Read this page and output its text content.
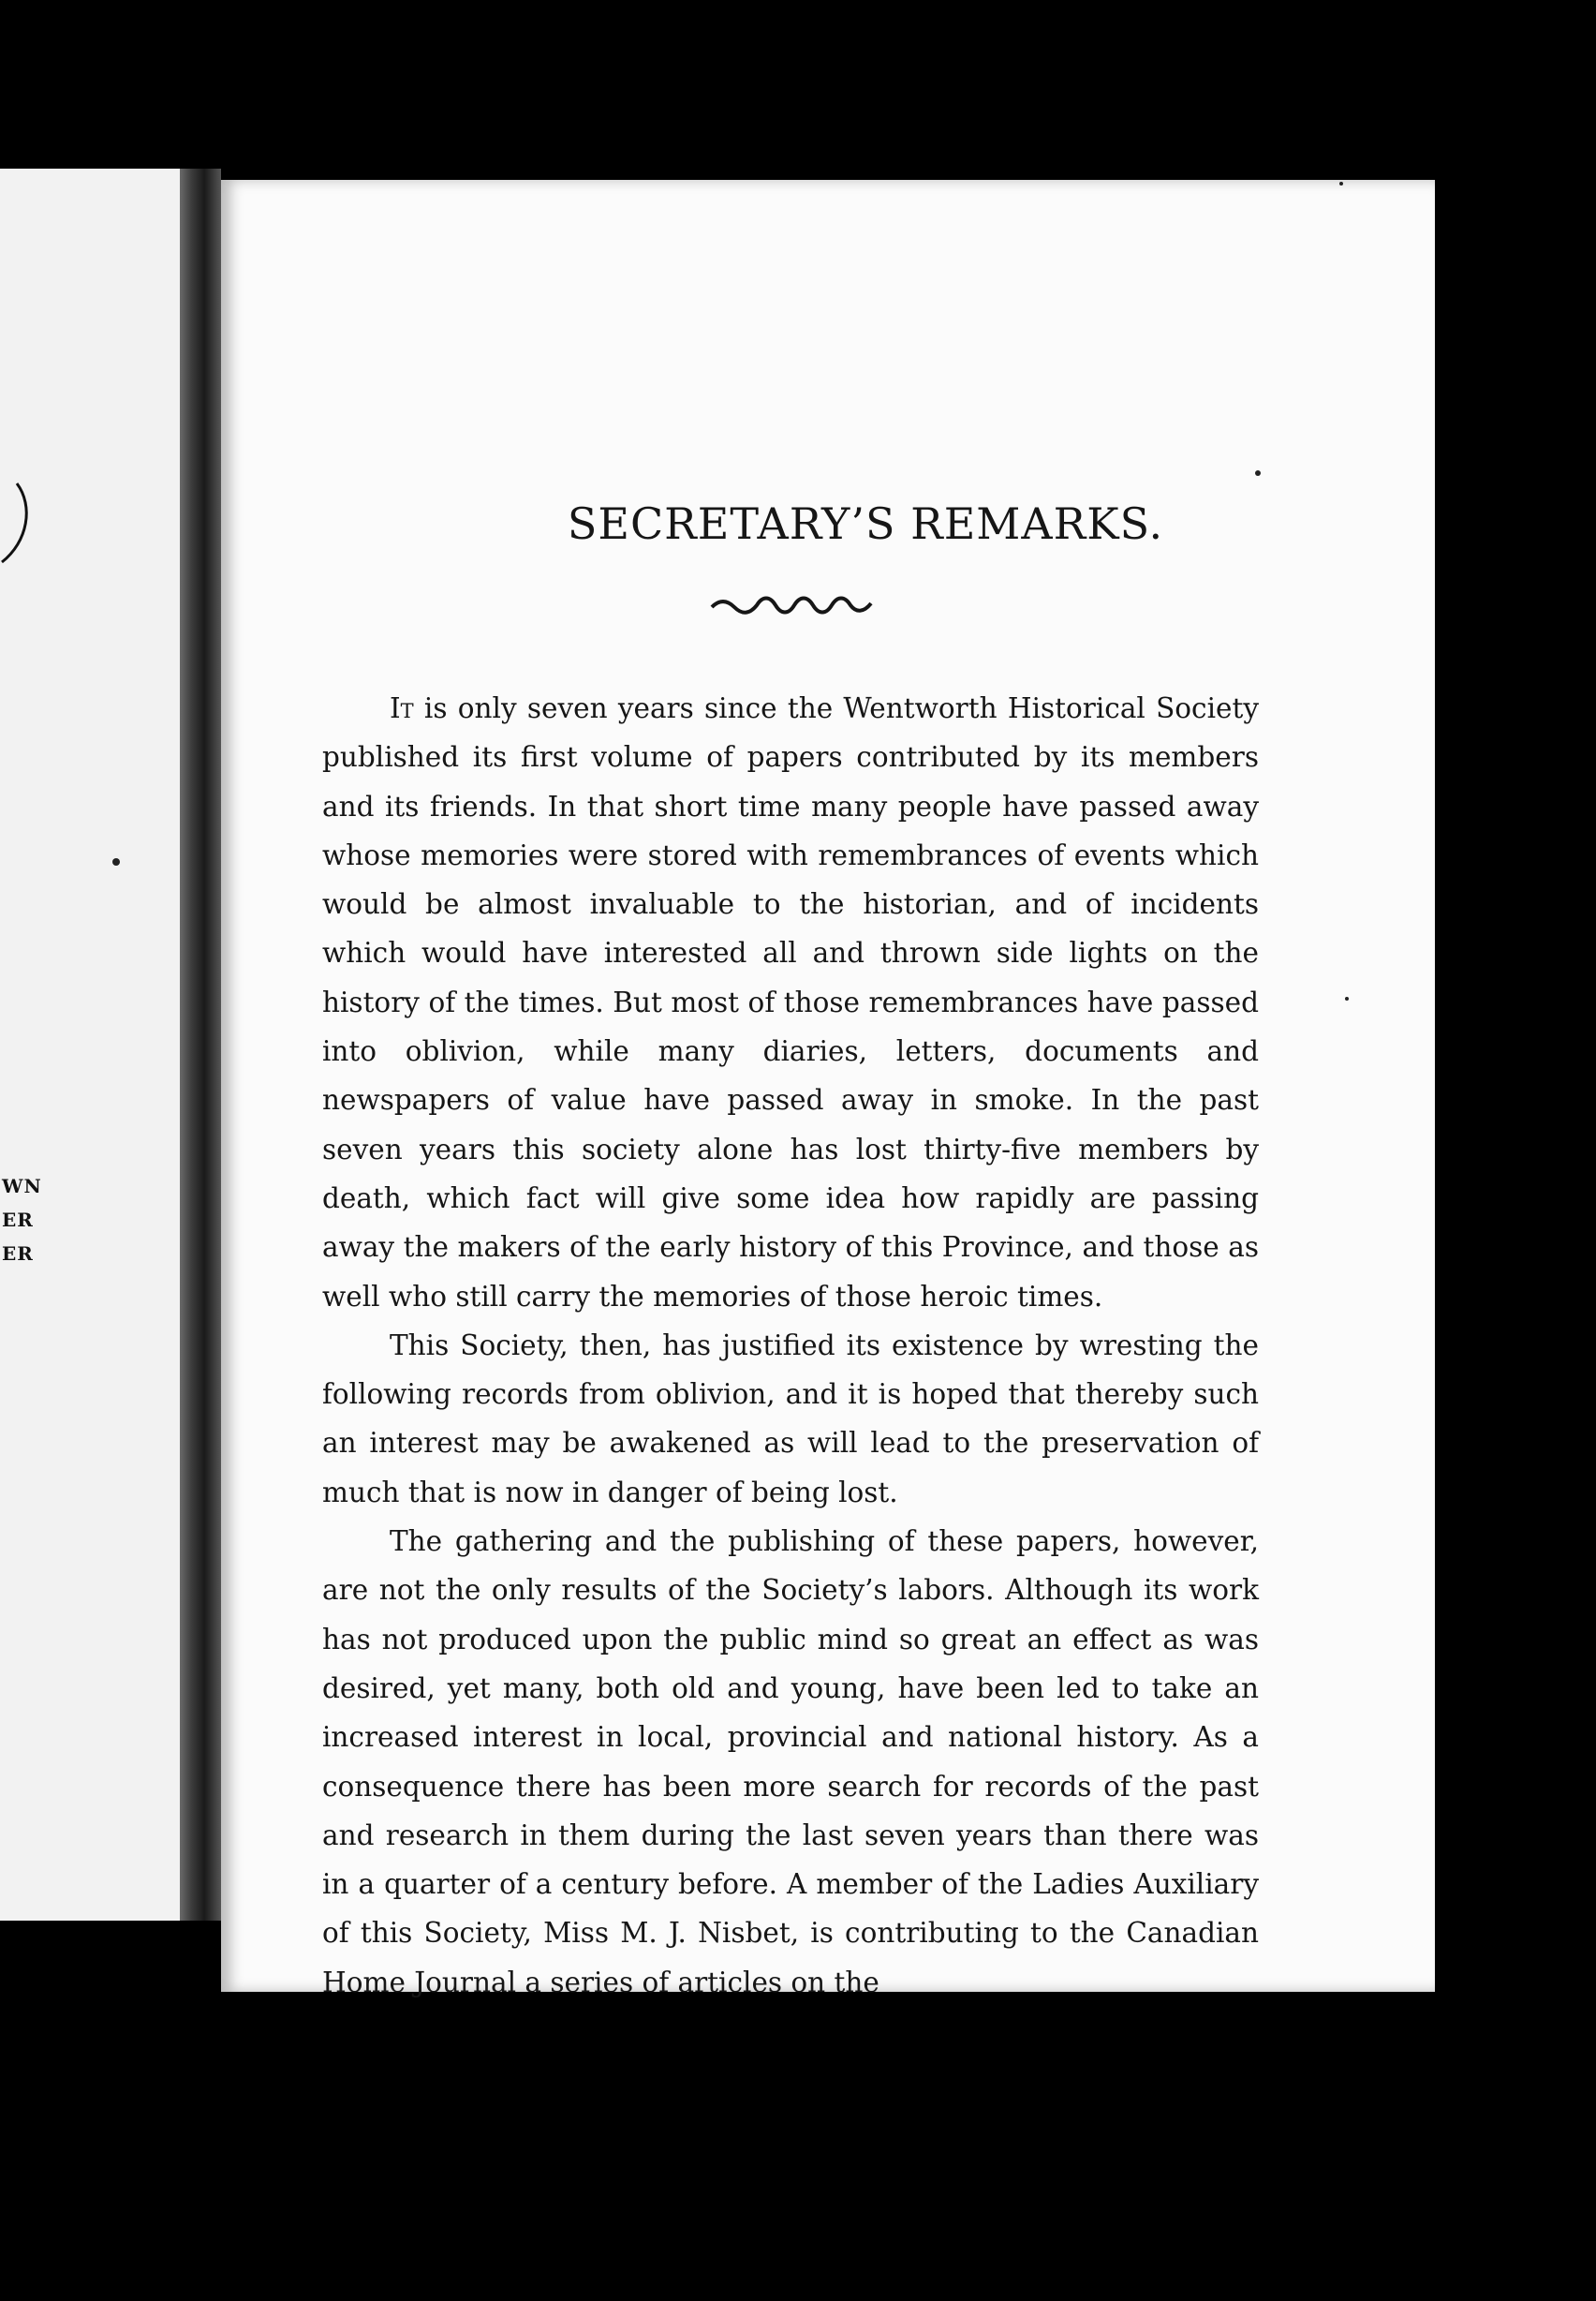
WN
ER
ER
SECRETARY’S REMARKS.

It is only seven years since the Wentworth Historical Society published its first volume of papers contributed by its members and its friends. In that short time many people have passed away whose memories were stored with remembrances of events which would be almost invaluable to the historian, and of incidents which would have interested all and thrown side lights on the history of the times. But most of those remembrances have passed into oblivion, while many diaries, letters, documents and newspapers of value have passed away in smoke. In the past seven years this society alone has lost thirty-five members by death, which fact will give some idea how rapidly are passing away the makers of the early history of this Province, and those as well who still carry the memories of those heroic times.

This Society, then, has justified its existence by wresting the following records from oblivion, and it is hoped that thereby such an interest may be awakened as will lead to the preservation of much that is now in danger of being lost.

The gathering and the publishing of these papers, however, are not the only results of the Society’s labors. Although its work has not produced upon the public mind so great an effect as was desired, yet many, both old and young, have been led to take an increased interest in local, provincial and national history. As a consequence there has been more search for records of the past and research in them during the last seven years than there was in a quarter of a century before. A member of the Ladies Auxiliary of this Society, Miss M. J. Nisbet, is contributing to the Canadian Home Journal a series of articles on the
